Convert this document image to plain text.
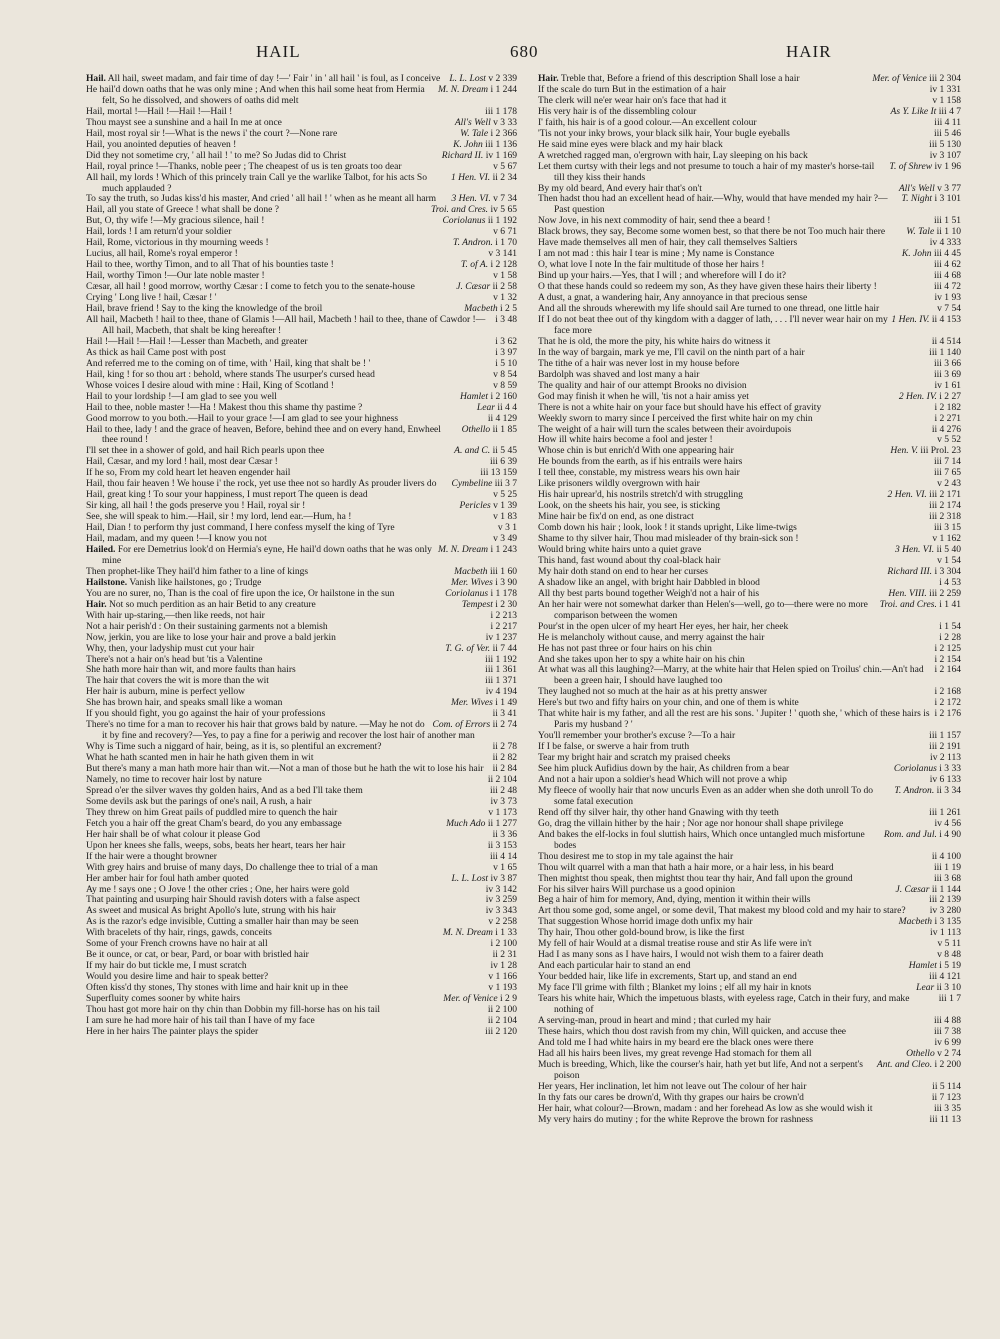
HAIL	680	HAIR
L. L. Lost v 2 339
Hail. All hail, sweet madam, and fair time of day !—' Fair ' in ' all hail ' is foul, as I conceive
M. N. Dream i 1 244
He hail'd down oaths that he was only mine ; And when this hail some heat from Hermia felt, So he dissolved, and showers of oaths did melt
iii 1 178
Hail, mortal !—Hail !—Hail !—Hail !
All's Well v 3 33
Thou mayst see a sunshine and a hail In me at once
W. Tale i 2 366
Hail, most royal sir !—What is the news i' the court ?—None rare
K. John iii 1 136
Hail, you anointed deputies of heaven !
Richard II. iv 1 169
Did they not sometime cry, ' all hail ! ' to me? So Judas did to Christ
v 5 67
Hail, royal prince !—Thanks, noble peer ; The cheapest of us is ten groats too dear
1 Hen. VI. ii 2 34
All hail, my lords ! Which of this princely train Call ye the warlike Talbot, for his acts So much applauded ?
3 Hen. VI. v 7 34
To say the truth, so Judas kiss'd his master, And cried ' all hail ! ' when as he meant all harm
Troi. and Cres. iv 5 65
Hail, all you state of Greece ! what shall be done ?
Coriolanus ii 1 192
But, O, thy wife !—My gracious silence, hail !
v 6 71
Hail, lords ! I am return'd your soldier
T. Andron. i 1 70
Hail, Rome, victorious in thy mourning weeds !
v 3 141
Lucius, all hail, Rome's royal emperor !
T. of A. i 2 128
Hail to thee, worthy Timon, and to all That of his bounties taste !
v 1 58
Hail, worthy Timon !—Our late noble master !
J. Cæsar ii 2 58
Cæsar, all hail ! good morrow, worthy Cæsar : I come to fetch you to the senate-house
v 1 32
Crying ' Long live ! hail, Cæsar ! '
Macbeth i 2 5
Hail, brave friend ! Say to the king the knowledge of the broil
i 3 48
All hail, Macbeth ! hail to thee, thane of Glamis !—All hail, Macbeth ! hail to thee, thane of Cawdor !—All hail, Macbeth, that shalt be king hereafter !
i 3 62
Hail !—Hail !—Hail !—Lesser than Macbeth, and greater
i 3 97
As thick as hail Came post with post
i 5 10
And referred me to the coming on of time, with ' Hail, king that shalt be ! '
v 8 54
Hail, king ! for so thou art : behold, where stands The usurper's cursed head
v 8 59
Whose voices I desire aloud with mine : Hail, King of Scotland !
Hamlet i 2 160
Hail to your lordship !—I am glad to see you well
Lear ii 4 4
Hail to thee, noble master !—Ha ! Makest thou this shame thy pastime ?
ii 4 129
Good morrow to you both.—Hail to your grace !—I am glad to see your highness
Othello ii 1 85
Hail to thee, lady ! and the grace of heaven, Before, behind thee and on every hand, Enwheel thee round !
A. and C. ii 5 45
I'll set thee in a shower of gold, and hail Rich pearls upon thee
iii 6 39
Hail, Cæsar, and my lord ! hail, most dear Cæsar !
iii 13 159
If he so, From my cold heart let heaven engender hail
Cymbeline iii 3 7
Hail, thou fair heaven ! We house i' the rock, yet use thee not so hardly As prouder livers do
v 5 25
Hail, great king ! To sour your happiness, I must report The queen is dead
Pericles v 1 39
Sir king, all hail ! the gods preserve you ! Hail, royal sir !
v 1 83
See, she will speak to him.—Hail, sir ! my lord, lend ear.—Hum, ha !
v 3 1
Hail, Dian ! to perform thy just command, I here confess myself the king of Tyre
v 3 49
Hail, madam, and my queen !—I know you not
M. N. Dream i 1 243
Hailed. For ere Demetrius look'd on Hermia's eyne, He hail'd down oaths that he was only mine
Macbeth iii 1 60
Then prophet-like They hail'd him father to a line of kings
Mer. Wives i 3 90
Hailstone. Vanish like hailstones, go ; Trudge
Coriolanus i 1 178
You are no surer, no, Than is the coal of fire upon the ice, Or hailstone in the sun
Tempest i 2 30
Hair. Not so much perdition as an hair Betid to any creature
i 2 213
With hair up-staring,—then like reeds, not hair
i 2 217
Not a hair perish'd : On their sustaining garments not a blemish
iv 1 237
Now, jerkin, you are like to lose your hair and prove a bald jerkin
T. G. of Ver. ii 7 44
Why, then, your ladyship must cut your hair
iii 1 192
There's not a hair on's head but 'tis a Valentine
iii 1 361
She hath more hair than wit, and more faults than hairs
iii 1 371
The hair that covers the wit is more than the wit
iv 4 194
Her hair is auburn, mine is perfect yellow
Mer. Wives i 1 49
She has brown hair, and speaks small like a woman
ii 3 41
If you should fight, you go against the hair of your professions
Com. of Errors ii 2 74
There's no time for a man to recover his hair that grows bald by nature. —May he not do it by fine and recovery?—Yes, to pay a fine for a periwig and recover the lost hair of another man
ii 2 78
Why is Time such a niggard of hair, being, as it is, so plentiful an excrement?
ii 2 82
What he hath scanted men in hair he hath given them in wit
ii 2 84
But there's many a man hath more hair than wit.—Not a man of those but he hath the wit to lose his hair
ii 2 104
Namely, no time to recover hair lost by nature
iii 2 48
Spread o'er the silver waves thy golden hairs, And as a bed I'll take them
iv 3 73
Some devils ask but the parings of one's nail, A rush, a hair
v 1 173
They threw on him Great pails of puddled mire to quench the hair
Much Ado ii 1 277
Fetch you a hair off the great Cham's beard, do you any embassage
ii 3 36
Her hair shall be of what colour it please God
ii 3 153
Upon her knees she falls, weeps, sobs, beats her heart, tears her hair
iii 4 14
If the hair were a thought browner
v 1 65
With grey hairs and bruise of many days, Do challenge thee to trial of a man
L. L. Lost iv 3 87
Her amber hair for foul hath amber quoted
iv 3 142
Ay me ! says one ; O Jove ! the other cries ; One, her hairs were gold
iv 3 259
That painting and usurping hair Should ravish doters with a false aspect
iv 3 343
As sweet and musical As bright Apollo's lute, strung with his hair
v 2 258
As is the razor's edge invisible, Cutting a smaller hair than may be seen
M. N. Dream i 1 33
With bracelets of thy hair, rings, gawds, conceits
i 2 100
Some of your French crowns have no hair at all
ii 2 31
Be it ounce, or cat, or bear, Pard, or boar with bristled hair
iv 1 28
If my hair do but tickle me, I must scratch
v 1 166
Would you desire lime and hair to speak better?
v 1 193
Often kiss'd thy stones, Thy stones with lime and hair knit up in thee
Mer. of Venice i 2 9
Superfluity comes sooner by white hairs
ii 2 100
Thou hast got more hair on thy chin than Dobbin my fill-horse has on his tail
ii 2 104
I am sure he had more hair of his tail than I have of my face
iii 2 120
Here in her hairs The painter plays the spider
Mer. of Venice iii 2 304
Hair. Treble that, Before a friend of this description Shall lose a hair
iv 1 331
If the scale do turn But in the estimation of a hair
v 1 158
The clerk will ne'er wear hair on's face that had it
As Y. Like It iii 4 7
His very hair is of the dissembling colour
iii 4 11
I' faith, his hair is of a good colour.—An excellent colour
iii 5 46
'Tis not your inky brows, your black silk hair, Your bugle eyeballs
iii 5 130
He said mine eyes were black and my hair black
iv 3 107
A wretched ragged man, o'ergrown with hair, Lay sleeping on his back
T. of Shrew iv 1 96
Let them curtsy with their legs and not presume to touch a hair of my master's horse-tail till they kiss their hands
All's Well v 3 77
By my old beard, And every hair that's on't
T. Night i 3 101
Then hadst thou had an excellent head of hair.—Why, would that have mended my hair ?—Past question
iii 1 51
Now Jove, in his next commodity of hair, send thee a beard !
W. Tale ii 1 10
Black brows, they say, Become some women best, so that there be not Too much hair there
iv 4 333
Have made themselves all men of hair, they call themselves Saltiers
K. John iii 4 45
I am not mad : this hair I tear is mine ; My name is Constance
iii 4 62
O, what love I note In the fair multitude of those her hairs !
iii 4 68
Bind up your hairs.—Yes, that I will ; and wherefore will I do it?
iii 4 72
O that these hands could so redeem my son, As they have given these hairs their liberty !
iv 1 93
A dust, a gnat, a wandering hair, Any annoyance in that precious sense
v 7 54
And all the shrouds wherewith my life should sail Are turned to one thread, one little hair
1 Hen. IV. ii 4 153
If I do not beat thee out of thy kingdom with a dagger of lath, . . . I'll never wear hair on my face more
ii 4 514
That he is old, the more the pity, his white hairs do witness it
iii 1 140
In the way of bargain, mark ye me, I'll cavil on the ninth part of a hair
iii 3 66
The tithe of a hair was never lost in my house before
iii 3 69
Bardolph was shaved and lost many a hair
iv 1 61
The quality and hair of our attempt Brooks no division
2 Hen. IV. i 2 27
God may finish it when he will, 'tis not a hair amiss yet
i 2 182
There is not a white hair on your face but should have his effect of gravity
i 2 271
Weekly sworn to marry since I perceived the first white hair on my chin
ii 4 276
The weight of a hair will turn the scales between their avoirdupois
v 5 52
How ill white hairs become a fool and jester !
Hen. V. iii Prol. 23
Whose chin is but enrich'd With one appearing hair
iii 7 14
He bounds from the earth, as if his entrails were hairs
iii 7 65
I tell thee, constable, my mistress wears his own hair
v 2 43
Like prisoners wildly overgrown with hair
2 Hen. VI. iii 2 171
His hair uprear'd, his nostrils stretch'd with struggling
iii 2 174
Look, on the sheets his hair, you see, is sticking
iii 2 318
Mine hair be fix'd on end, as one distract
iii 3 15
Comb down his hair ; look, look ! it stands upright, Like lime-twigs
v 1 162
Shame to thy silver hair, Thou mad misleader of thy brain-sick son !
3 Hen. VI. ii 5 40
Would bring white hairs unto a quiet grave
v 1 54
This hand, fast wound about thy coal-black hair
Richard III. i 3 304
My hair doth stand on end to hear her curses
i 4 53
A shadow like an angel, with bright hair Dabbled in blood
Hen. VIII. iii 2 259
All thy best parts bound together Weigh'd not a hair of his
Troi. and Cres. i 1 41
An her hair were not somewhat darker than Helen's—well, go to—there were no more comparison between the women
i 1 54
Pour'st in the open ulcer of my heart Her eyes, her hair, her cheek
i 2 28
He is melancholy without cause, and merry against the hair
i 2 125
He has not past three or four hairs on his chin
i 2 154
And she takes upon her to spy a white hair on his chin
i 2 164
At what was all this laughing?—Marry, at the white hair that Helen spied on Troilus' chin.—An't had been a green hair, I should have laughed too
i 2 168
They laughed not so much at the hair as at his pretty answer
i 2 172
Here's but two and fifty hairs on your chin, and one of them is white
i 2 176
That white hair is my father, and all the rest are his sons. ' Jupiter ! ' quoth she, ' which of these hairs is Paris my husband ? '
iii 1 157
You'll remember your brother's excuse ?—To a hair
iii 2 191
If I be false, or swerve a hair from truth
iv 2 113
Tear my bright hair and scratch my praised cheeks
Coriolanus i 3 33
See him pluck Aufidius down by the hair, As children from a bear
iv 6 133
And not a hair upon a soldier's head Which will not prove a whip
T. Andron. ii 3 34
My fleece of woolly hair that now uncurls Even as an adder when she doth unroll To do some fatal execution
iii 1 261
Rend off thy silver hair, thy other hand Gnawing with thy teeth
iv 4 56
Go, drag the villain hither by the hair ; Nor age nor honour shall shape privilege
Rom. and Jul. i 4 90
And bakes the elf-locks in foul sluttish hairs, Which once untangled much misfortune bodes
ii 4 100
Thou desirest me to stop in my tale against the hair
iii 1 19
Thou wilt quarrel with a man that hath a hair more, or a hair less, in his beard
iii 3 68
Then mightst thou speak, then mightst thou tear thy hair, And fall upon the ground
J. Cæsar ii 1 144
For his silver hairs Will purchase us a good opinion
iii 2 139
Beg a hair of him for memory, And, dying, mention it within their wills
iv 3 280
Art thou some god, some angel, or some devil, That makest my blood cold and my hair to stare?
Macbeth i 3 135
That suggestion Whose horrid image doth unfix my hair
iv 1 113
Thy hair, Thou other gold-bound brow, is like the first
v 5 11
My fell of hair Would at a dismal treatise rouse and stir As life were in't
v 8 48
Had I as many sons as I have hairs, I would not wish them to a fairer death
Hamlet i 5 19
And each particular hair to stand an end
iii 4 121
Your bedded hair, like life in excrements, Start up, and stand an end
Lear ii 3 10
My face I'll grime with filth ; Blanket my loins ; elf all my hair in knots
iii 1 7
Tears his white hair, Which the impetuous blasts, with eyeless rage, Catch in their fury, and make nothing of
iii 4 88
A serving-man, proud in heart and mind ; that curled my hair
iii 7 38
These hairs, which thou dost ravish from my chin, Will quicken, and accuse thee
iv 6 99
And told me I had white hairs in my beard ere the black ones were there
Othello v 2 74
Had all his hairs been lives, my great revenge Had stomach for them all
Ant. and Cleo. i 2 200
Much is breeding, Which, like the courser's hair, hath yet but life, And not a serpent's poison
ii 5 114
Her years, Her inclination, let him not leave out The colour of her hair
ii 7 123
In thy fats our cares be drown'd, With thy grapes our hairs be crown'd
iii 3 35
Her hair, what colour?—Brown, madam : and her forehead As low as she would wish it
iii 11 13
My very hairs do mutiny ; for the white Reprove the brown for rashness
